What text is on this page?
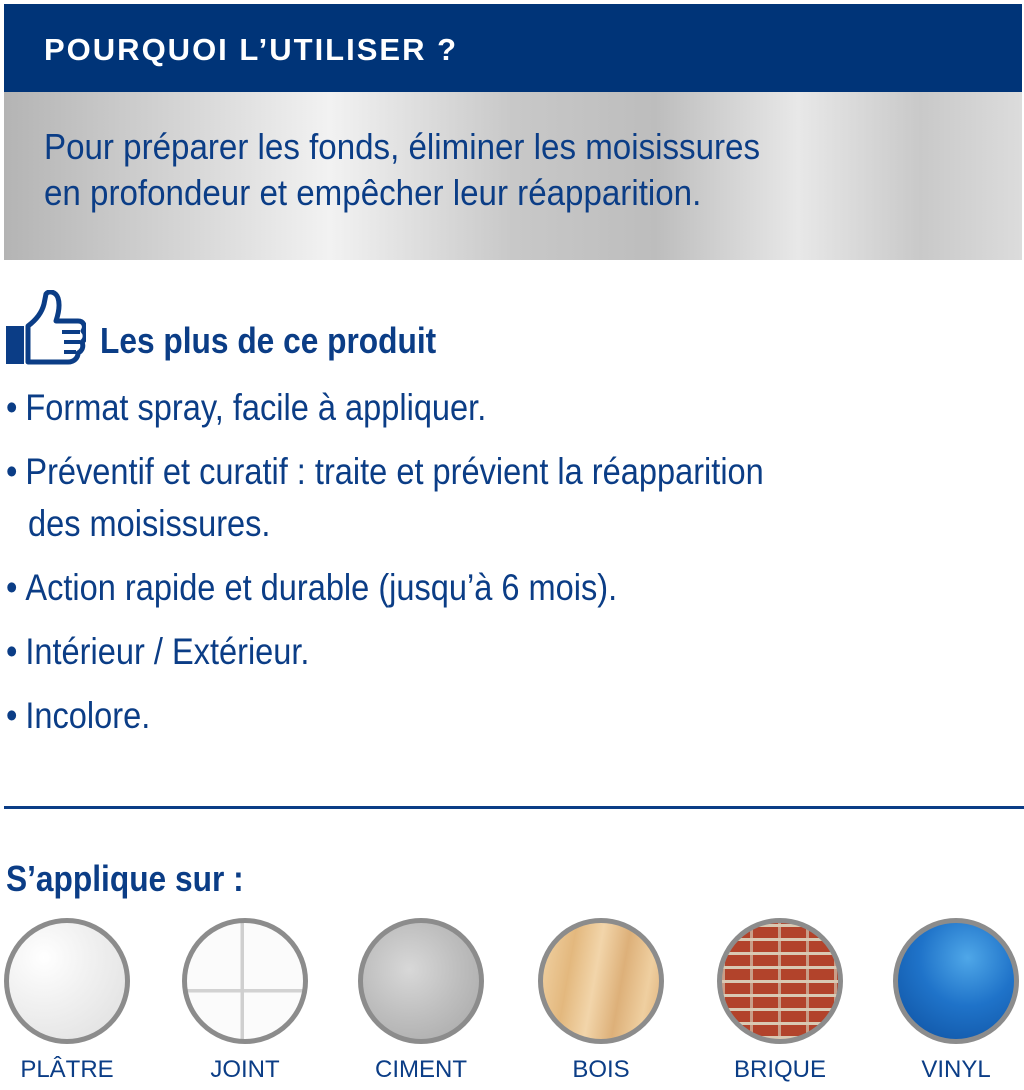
POURQUOI L’UTILISER ?
Pour préparer les fonds, éliminer les moisissures
en profondeur et empêcher leur réapparition.
Les plus de ce produit
• Format spray, facile à appliquer.
• Préventif et curatif : traite et prévient la réapparition
des moisissures.
• Action rapide et durable (jusqu’à 6 mois).
• Intérieur / Extérieur.
• Incolore.
S’applique sur :
PLÂTRE	JOINT	CIMENT	BOIS	BRIQUE	VINYL
